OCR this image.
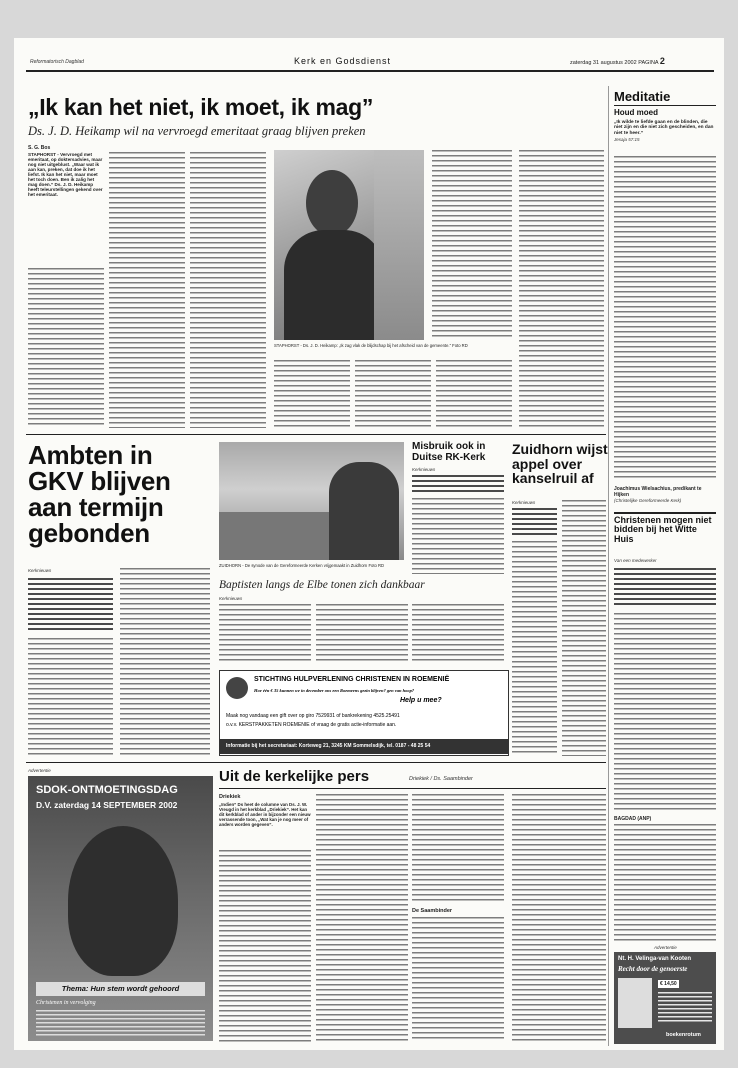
Reformatorisch Dagblad	Kerk en Godsdienst	zaterdag 31 augustus 2002 PAGINA 2
„Ik kan het niet, ik moet, ik mag”
Ds. J. D. Heikamp wil na vervroegd emeritaat graag blijven preken
S. G. Bos
STAPHORST - Vervroegd met emeritaat, op doktersadvies, maar nog niet uitgeblust. „Waar wat ik aan kan, preken, dat doe ik het liefst. Ik kan het niet, maar moet het toch doen. Ben ik zalig het mag doen.” Ds. J. D. Heikamp heeft teleurstellingen gekend over het emeritaat.
STAPHORST - Ds. J. D. Heikamp: „Ik zag vlak de blijdschap bij het afscheid van de gemeente.” Foto RD
Meditatie
Houd moed
„Ik wilde te liefde gaan en de blinden, die niet zijn en die niet zich gescheiden, en dan niet te heer.”
Jesaja 57:15
Joachimus Wielsachius, predikant te Hijken
(Christelijke Gereformeerde Kerk)
Christenen mogen niet bidden bij het Witte Huis
Van een medewerker
BAGDAD (ANP)
Advertentie
Nt. H. Velinga-van Kooten
Recht door de genoerste
€ 14,50
boekenrotum
Ambten in GKV blijven aan termijn gebonden
Kerknieuws
ZUIDHORN - De synode van de Gereformeerde Kerken vrijgemaakt in Zuidhorn Foto RD
Misbruik ook in Duitse RK-Kerk
Kerknieuws
Zuidhorn wijst appel over kanselruil af
Kerknieuws
Baptisten langs de Elbe tonen zich dankbaar
Kerknieuws
STICHTING HULPVERLENING CHRISTENEN IN ROEMENIË
Hoe één € 35 kunnen we in december ons een Roemeens gezin blijven? gen van hoop?
Help u mee?
Maak nog vandaag een gift over op giro 7529931 of bankrekening 4525.25491
o.v.v. KERSTPAKKETEN ROEMENIË of vraag de gratis actie-informatie aan.
Informatie bij het secretariaat: Korteweg 21, 3245 KM Sommelsdijk, tel. 0187 - 48 25 54
Advertentie
SDOK-ONTMOETINGSDAG
D.V. zaterdag 14 SEPTEMBER 2002
Thema: Hun stem wordt gehoord
Christenen in vervolging
Uit de kerkelijke pers	Driekiek / Ds. Saambinder
Driekiek
„Indien” Ds heet de columne van Ds. J. W. Vreugd in het kerkblad „Driekiek”. Het kan dit kerkblad of ander in bijzonder een nieuw verrassende toon, „Wat kan je nog meer of anders worden gegeven”.
De Saambinder
